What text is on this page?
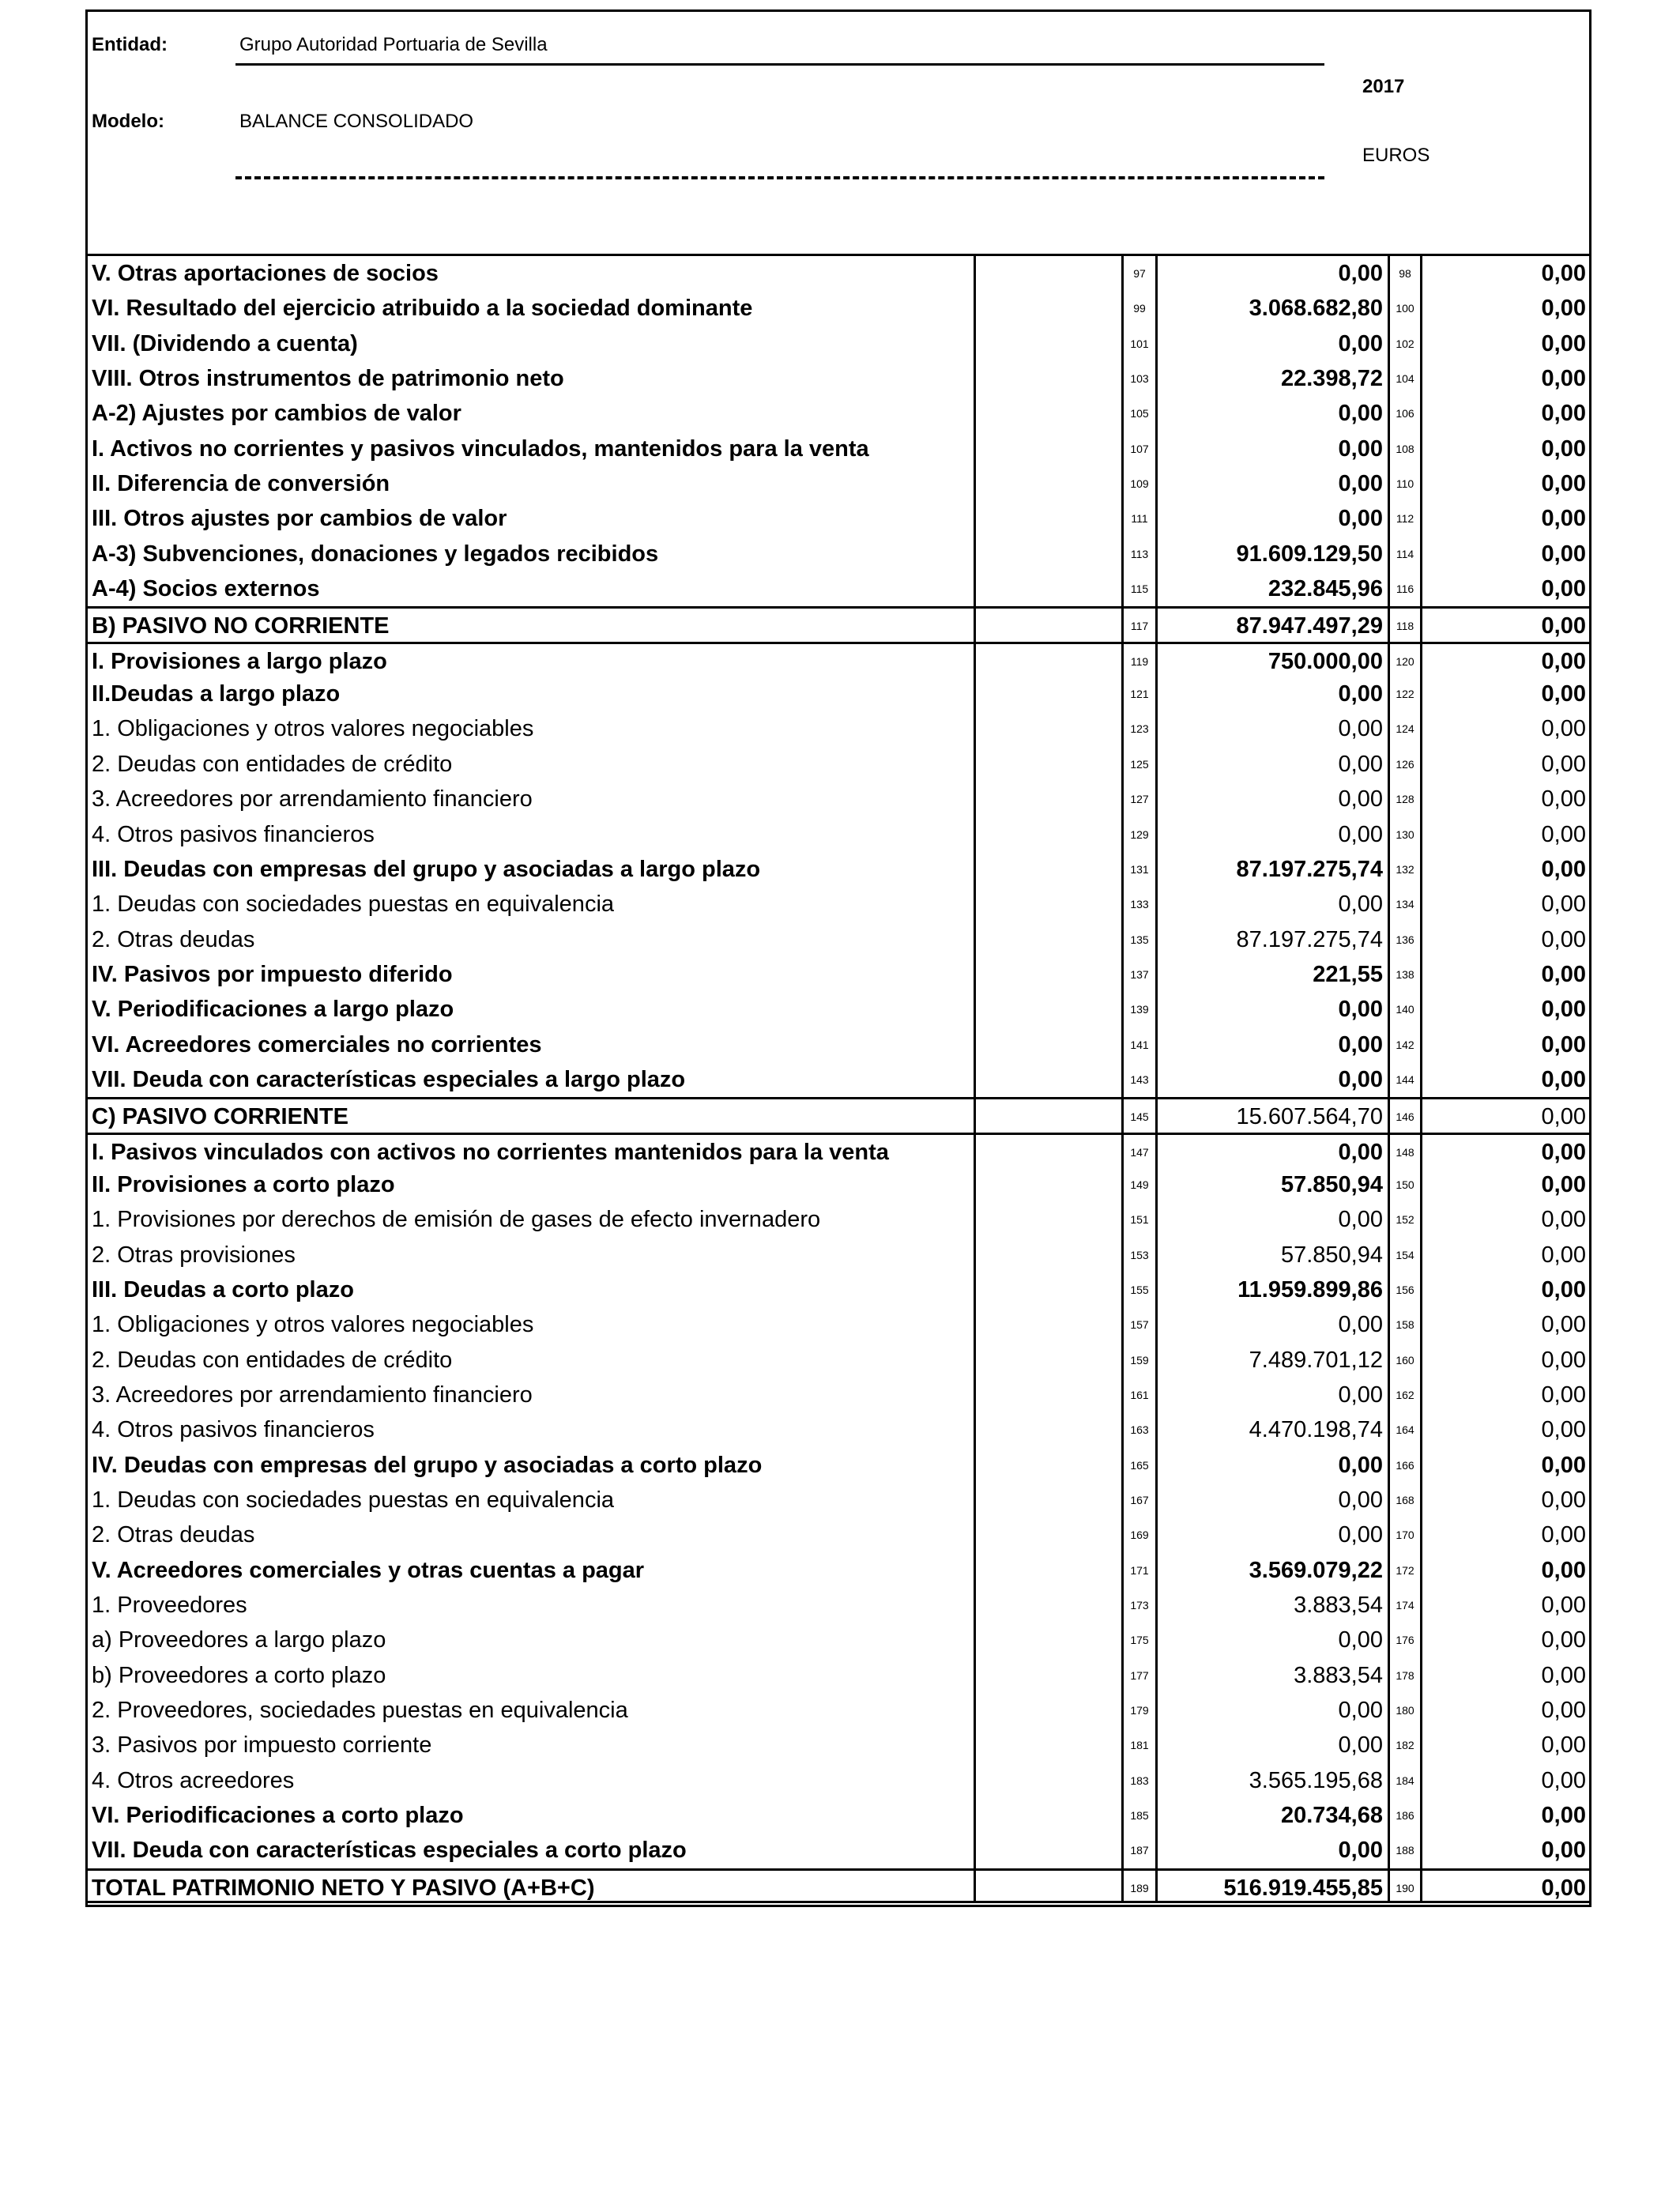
Entidad:	Grupo Autoridad Portuaria de Sevilla
Modelo:	BALANCE CONSOLIDADO
2017
EUROS
V. Otras aportaciones de socios	97	0,00	98	0,00
VI. Resultado del ejercicio atribuido a la sociedad dominante	99	3.068.682,80	100	0,00
VII. (Dividendo a cuenta)	101	0,00	102	0,00
VIII. Otros instrumentos de patrimonio neto	103	22.398,72	104	0,00
A-2) Ajustes por cambios de valor	105	0,00	106	0,00
I. Activos no corrientes y pasivos vinculados, mantenidos para la venta	107	0,00	108	0,00
II. Diferencia de conversión	109	0,00	110	0,00
III. Otros ajustes por cambios de valor	111	0,00	112	0,00
A-3) Subvenciones, donaciones y legados recibidos	113	91.609.129,50	114	0,00
A-4) Socios externos	115	232.845,96	116	0,00
B) PASIVO NO CORRIENTE	117	87.947.497,29	118	0,00
I. Provisiones a largo plazo	119	750.000,00	120	0,00
II.Deudas a largo plazo	121	0,00	122	0,00
1. Obligaciones y otros valores negociables	123	0,00	124	0,00
2. Deudas con entidades de crédito	125	0,00	126	0,00
3. Acreedores por arrendamiento financiero	127	0,00	128	0,00
4. Otros pasivos financieros	129	0,00	130	0,00
III. Deudas con empresas del grupo y asociadas a largo plazo	131	87.197.275,74	132	0,00
1. Deudas con sociedades puestas en equivalencia	133	0,00	134	0,00
2. Otras deudas	135	87.197.275,74	136	0,00
IV. Pasivos por impuesto diferido	137	221,55	138	0,00
V. Periodificaciones a largo plazo	139	0,00	140	0,00
VI. Acreedores comerciales no corrientes	141	0,00	142	0,00
VII. Deuda con características especiales a largo plazo	143	0,00	144	0,00
C) PASIVO CORRIENTE	145	15.607.564,70	146	0,00
I. Pasivos vinculados con activos no corrientes mantenidos para la venta	147	0,00	148	0,00
II. Provisiones a corto plazo	149	57.850,94	150	0,00
1. Provisiones por derechos de emisión de gases de efecto invernadero	151	0,00	152	0,00
2. Otras provisiones	153	57.850,94	154	0,00
III. Deudas a corto plazo	155	11.959.899,86	156	0,00
1. Obligaciones y otros valores negociables	157	0,00	158	0,00
2. Deudas con entidades de crédito	159	7.489.701,12	160	0,00
3. Acreedores por arrendamiento financiero	161	0,00	162	0,00
4. Otros pasivos financieros	163	4.470.198,74	164	0,00
IV. Deudas con empresas del grupo y asociadas a corto plazo	165	0,00	166	0,00
1. Deudas con sociedades puestas en equivalencia	167	0,00	168	0,00
2. Otras deudas	169	0,00	170	0,00
V. Acreedores comerciales y otras cuentas a pagar	171	3.569.079,22	172	0,00
1. Proveedores	173	3.883,54	174	0,00
a) Proveedores a largo plazo	175	0,00	176	0,00
b) Proveedores a corto plazo	177	3.883,54	178	0,00
2. Proveedores, sociedades puestas en equivalencia	179	0,00	180	0,00
3. Pasivos por impuesto corriente	181	0,00	182	0,00
4. Otros acreedores	183	3.565.195,68	184	0,00
VI. Periodificaciones a corto plazo	185	20.734,68	186	0,00
VII. Deuda con características especiales a corto plazo	187	0,00	188	0,00
TOTAL PATRIMONIO NETO Y PASIVO (A+B+C)	189	516.919.455,85	190	0,00
